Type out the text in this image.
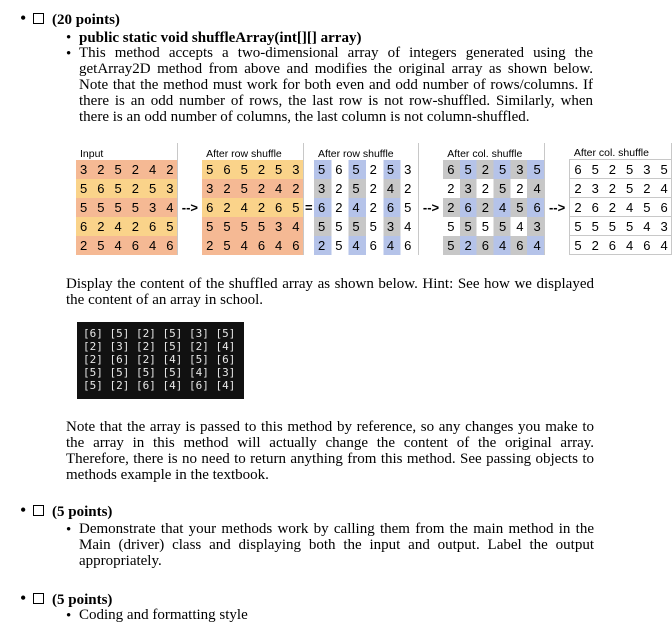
• (20 points)
• public static void shuffleArray(int[][] array)
• This method accepts a two-dimensional array of integers generated using the getArray2D method from above and modifies the original array as shown below. Note that the method must work for both even and odd number of rows/columns. If there is an odd number of rows, the last row is not row-shuffled. Similarly, when there is an odd number of columns, the last column is not column-shuffled.
Input		After row shuffle		After row shuffle		After col. shuffle		After col. shuffle
3 2 5 2 4 2		5 6 5 2 5 3		5 6 5 2 5 3		6 5 2 5 3 5		6 5 2 5 3 5
5 6 5 2 5 3		3 2 5 2 4 2		3 2 5 2 4 2		2 3 2 5 2 4		2 3 2 5 2 4
5 5 5 5 3 4	-->	6 2 4 2 6 5	=	6 2 4 2 6 5	-->	2 6 2 4 5 6	-->	2 6 2 4 5 6
6 2 4 2 6 5		5 5 5 5 3 4		5 5 5 5 3 4		5 5 5 5 4 3		5 5 5 5 4 3
2 5 4 6 4 6		2 5 4 6 4 6		2 5 4 6 4 6		5 2 6 4 6 4		5 2 6 4 6 4
Display the content of the shuffled array as shown below. Hint: See how we displayed the content of an array in school.
[6] [5] [2] [5] [3] [5]
[2] [3] [2] [5] [2] [4]
[2] [6] [2] [4] [5] [6]
[5] [5] [5] [5] [4] [3]
[5] [2] [6] [4] [6] [4]
Note that the array is passed to this method by reference, so any changes you make to the array in this method will actually change the content of the original array. Therefore, there is no need to return anything from this method. See passing objects to methods example in the textbook.
• (5 points)
• Demonstrate that your methods work by calling them from the main method in the Main (driver) class and displaying both the input and output. Label the output appropriately.
• (5 points)
• Coding and formatting style
